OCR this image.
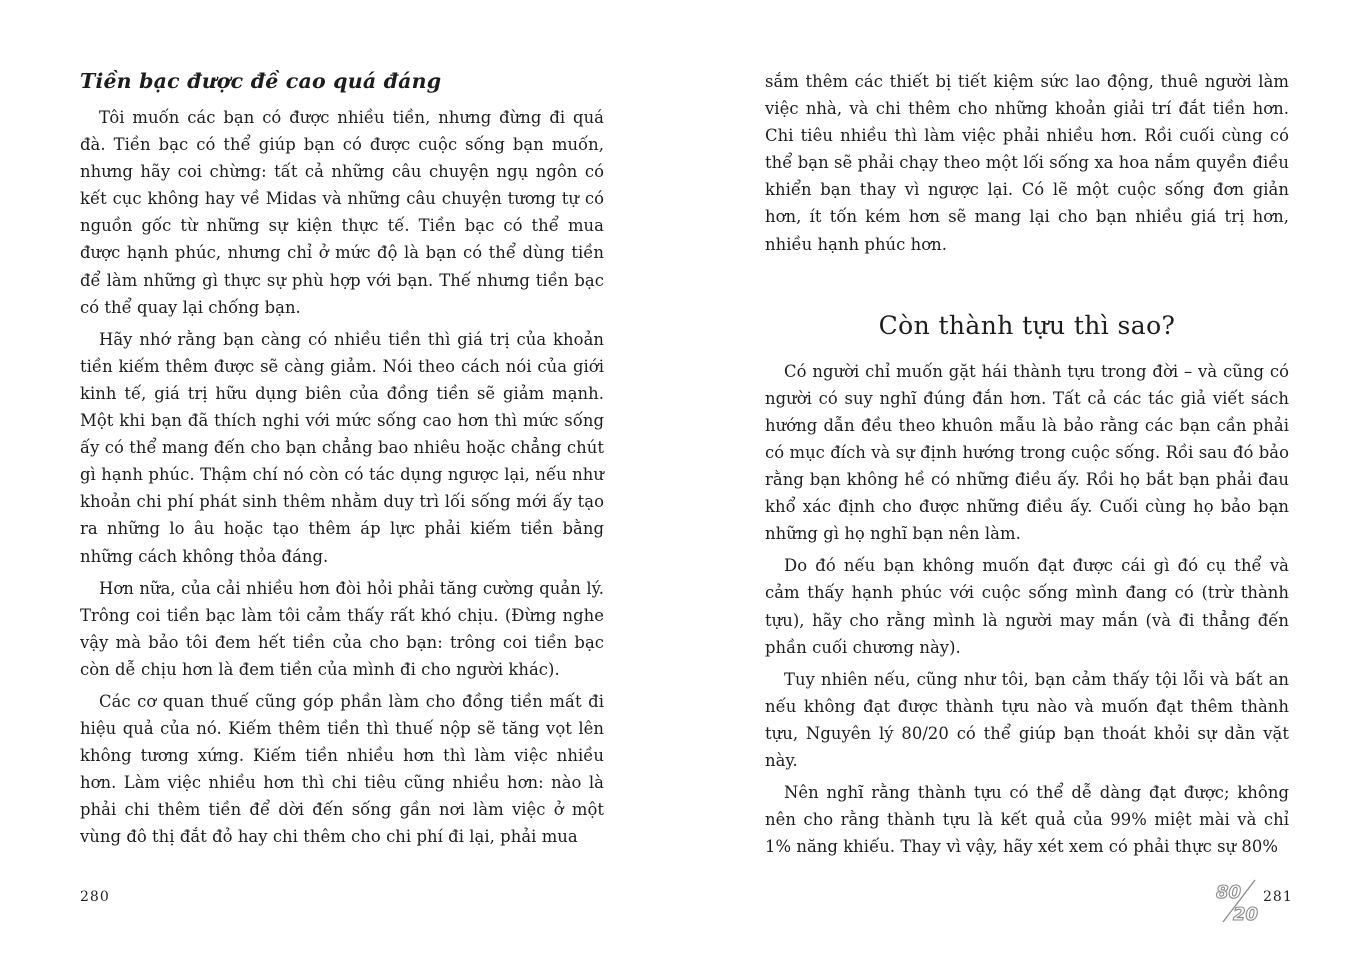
Tiền bạc được đề cao quá đáng

Tôi muốn các bạn có được nhiều tiền, nhưng đừng đi quá đà. Tiền bạc có thể giúp bạn có được cuộc sống bạn muốn, nhưng hãy coi chừng: tất cả những câu chuyện ngụ ngôn có kết cục không hay về Midas và những câu chuyện tương tự có nguồn gốc từ những sự kiện thực tế. Tiền bạc có thể mua được hạnh phúc, nhưng chỉ ở mức độ là bạn có thể dùng tiền để làm những gì thực sự phù hợp với bạn. Thế nhưng tiền bạc có thể quay lại chống bạn.

Hãy nhớ rằng bạn càng có nhiều tiền thì giá trị của khoản tiền kiếm thêm được sẽ càng giảm. Nói theo cách nói của giới kinh tế, giá trị hữu dụng biên của đồng tiền sẽ giảm mạnh. Một khi bạn đã thích nghi với mức sống cao hơn thì mức sống ấy có thể mang đến cho bạn chẳng bao nhiêu hoặc chẳng chút gì hạnh phúc. Thậm chí nó còn có tác dụng ngược lại, nếu như khoản chi phí phát sinh thêm nhằm duy trì lối sống mới ấy tạo ra những lo âu hoặc tạo thêm áp lực phải kiếm tiền bằng những cách không thỏa đáng.

Hơn nữa, của cải nhiều hơn đòi hỏi phải tăng cường quản lý. Trông coi tiền bạc làm tôi cảm thấy rất khó chịu. (Đừng nghe vậy mà bảo tôi đem hết tiền của cho bạn: trông coi tiền bạc còn dễ chịu hơn là đem tiền của mình đi cho người khác).

Các cơ quan thuế cũng góp phần làm cho đồng tiền mất đi hiệu quả của nó. Kiếm thêm tiền thì thuế nộp sẽ tăng vọt lên không tương xứng. Kiếm tiền nhiều hơn thì làm việc nhiều hơn. Làm việc nhiều hơn thì chi tiêu cũng nhiều hơn: nào là phải chi thêm tiền để dời đến sống gần nơi làm việc ở một vùng đô thị đắt đỏ hay chi thêm cho chi phí đi lại, phải mua

280

sắm thêm các thiết bị tiết kiệm sức lao động, thuê người làm việc nhà, và chi thêm cho những khoản giải trí đắt tiền hơn. Chi tiêu nhiều thì làm việc phải nhiều hơn. Rồi cuối cùng có thể bạn sẽ phải chạy theo một lối sống xa hoa nắm quyền điều khiển bạn thay vì ngược lại. Có lẽ một cuộc sống đơn giản hơn, ít tốn kém hơn sẽ mang lại cho bạn nhiều giá trị hơn, nhiều hạnh phúc hơn.

Còn thành tựu thì sao?

Có người chỉ muốn gặt hái thành tựu trong đời – và cũng có người có suy nghĩ đúng đắn hơn. Tất cả các tác giả viết sách hướng dẫn đều theo khuôn mẫu là bảo rằng các bạn cần phải có mục đích và sự định hướng trong cuộc sống. Rồi sau đó bảo rằng bạn không hề có những điều ấy. Rồi họ bắt bạn phải đau khổ xác định cho được những điều ấy. Cuối cùng họ bảo bạn những gì họ nghĩ bạn nên làm.

Do đó nếu bạn không muốn đạt được cái gì đó cụ thể và cảm thấy hạnh phúc với cuộc sống mình đang có (trừ thành tựu), hãy cho rằng mình là người may mắn (và đi thẳng đến phần cuối chương này).

Tuy nhiên nếu, cũng như tôi, bạn cảm thấy tội lỗi và bất an nếu không đạt được thành tựu nào và muốn đạt thêm thành tựu, Nguyên lý 80/20 có thể giúp bạn thoát khỏi sự dằn vặt này.

Nên nghĩ rằng thành tựu có thể dễ dàng đạt được; không nên cho rằng thành tựu là kết quả của 99% miệt mài và chỉ 1% năng khiếu. Thay vì vậy, hãy xét xem có phải thực sự 80%

80
20
281
